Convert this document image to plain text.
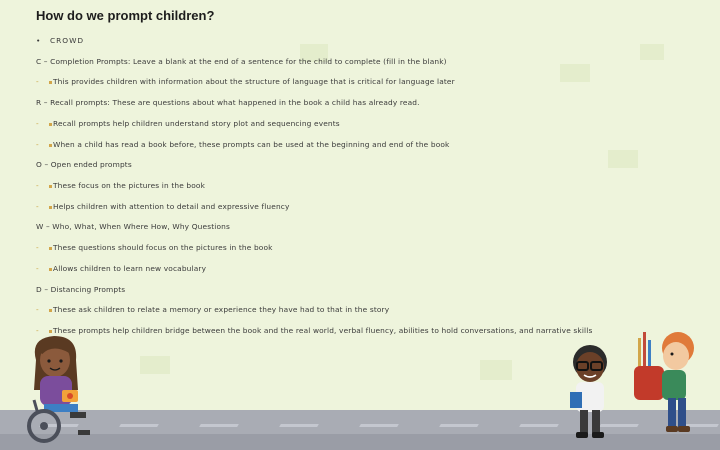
How do we prompt children?
• CROWD
C – Completion Prompts: Leave a blank at the end of a sentence for the child to complete (fill in the blank)
- This provides children with information about the structure of language that is critical for language later
R – Recall prompts: These are questions about what happened in the book a child has already read.
- Recall prompts help children understand story plot and sequencing events
- When a child has read a book before, these prompts can be used at the beginning and end of the book
O – Open ended prompts
- These focus on the pictures in the book
- Helps children with attention to detail and expressive fluency
W – Who, What, When Where How, Why Questions
- These questions should focus on the pictures in the book
- Allows children to learn new vocabulary
D – Distancing Prompts
- These ask children to relate a memory or experience they have had to that in the story
- These prompts help children bridge between the book and the real world, verbal fluency, abilities to hold conversations, and narrative skills
